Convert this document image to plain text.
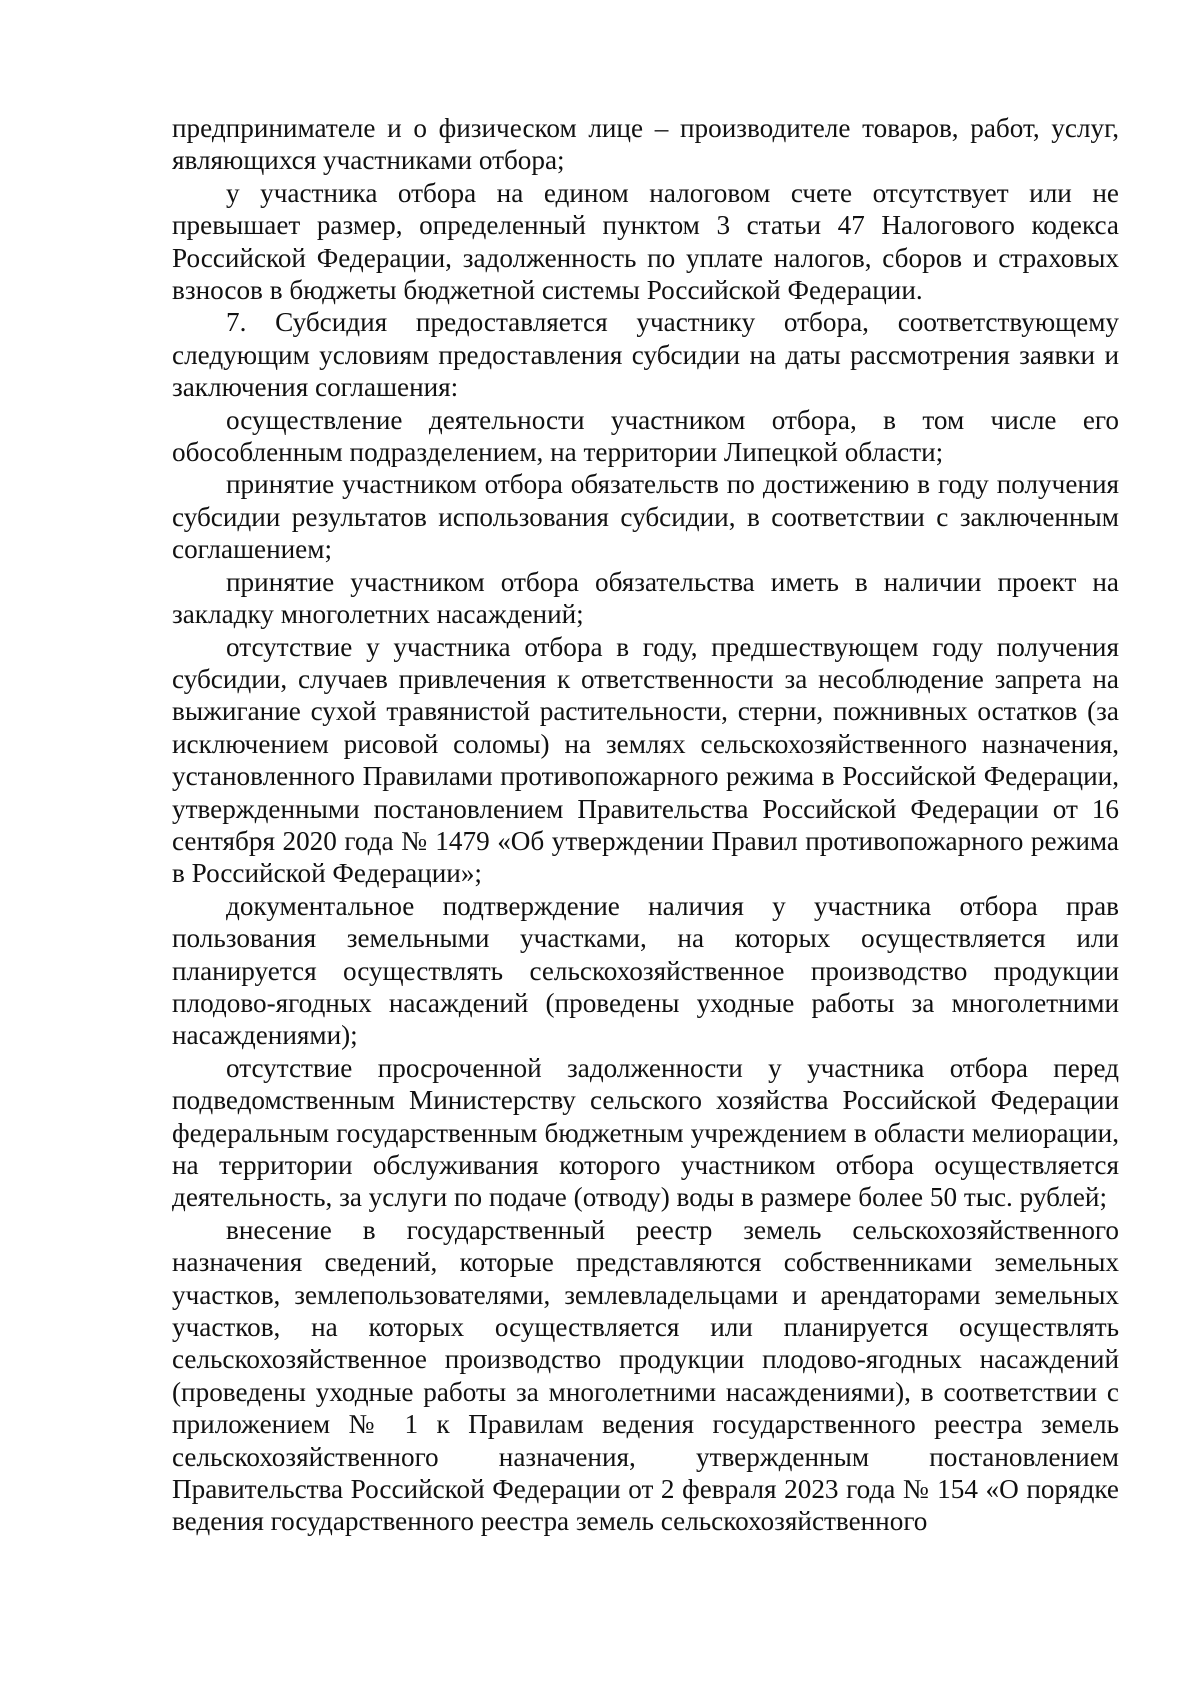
предпринимателе и о физическом лице – производителе товаров, работ, услуг, являющихся участниками отбора;

у участника отбора на едином налоговом счете отсутствует или не превышает размер, определенный пунктом 3 статьи 47 Налогового кодекса Российской Федерации, задолженность по уплате налогов, сборов и страховых взносов в бюджеты бюджетной системы Российской Федерации.

7. Субсидия предоставляется участнику отбора, соответствующему следующим условиям предоставления субсидии на даты рассмотрения заявки и заключения соглашения:

осуществление деятельности участником отбора, в том числе его обособленным подразделением, на территории Липецкой области;

принятие участником отбора обязательств по достижению в году получения субсидии результатов использования субсидии, в соответствии с заключенным соглашением;

принятие участником отбора обязательства иметь в наличии проект на закладку многолетних насаждений;

отсутствие у участника отбора в году, предшествующем году получения субсидии, случаев привлечения к ответственности за несоблюдение запрета на выжигание сухой травянистой растительности, стерни, пожнивных остатков (за исключением рисовой соломы) на землях сельскохозяйственного назначения, установленного Правилами противопожарного режима в Российской Федерации, утвержденными постановлением Правительства Российской Федерации от 16 сентября 2020 года № 1479 «Об утверждении Правил противопожарного режима в Российской Федерации»;

документальное подтверждение наличия у участника отбора прав пользования земельными участками, на которых осуществляется или планируется осуществлять сельскохозяйственное производство продукции плодово-ягодных насаждений (проведены уходные работы за многолетними насаждениями);

отсутствие просроченной задолженности у участника отбора перед подведомственным Министерству сельского хозяйства Российской Федерации федеральным государственным бюджетным учреждением в области мелиорации, на территории обслуживания которого участником отбора осуществляется деятельность, за услуги по подаче (отводу) воды в размере более 50 тыс. рублей;

внесение в государственный реестр земель сельскохозяйственного назначения сведений, которые представляются собственниками земельных участков, землепользователями, землевладельцами и арендаторами земельных участков, на которых осуществляется или планируется осуществлять сельскохозяйственное производство продукции плодово-ягодных насаждений (проведены уходные работы за многолетними насаждениями), в соответствии с приложением № 1 к Правилам ведения государственного реестра земель сельскохозяйственного назначения, утвержденным постановлением Правительства Российской Федерации от 2 февраля 2023 года № 154 «О порядке ведения государственного реестра земель сельскохозяйственного
